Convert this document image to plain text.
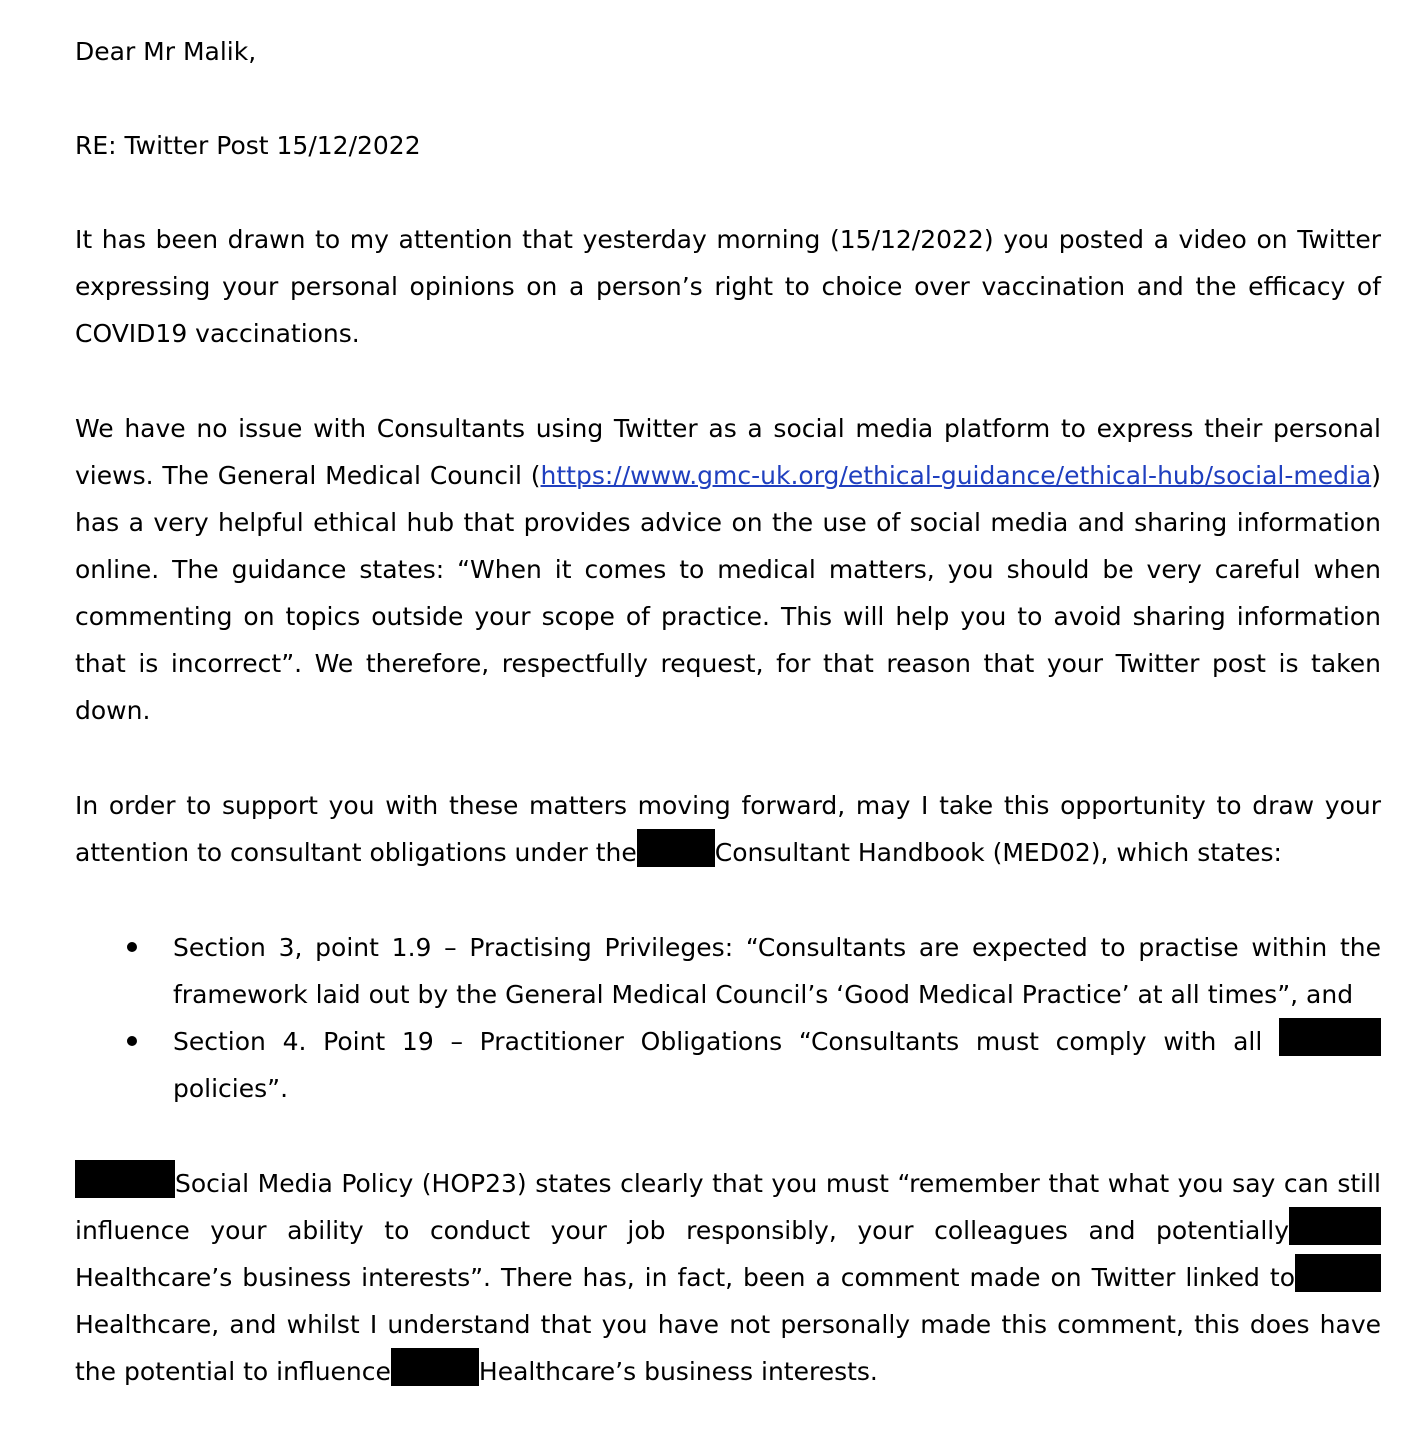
Dear Mr Malik,

RE: Twitter Post 15/12/2022

It has been drawn to my attention that yesterday morning (15/12/2022) you posted a video on Twitter expressing your personal opinions on a person’s right to choice over vaccination and the efficacy of COVID19 vaccinations.

We have no issue with Consultants using Twitter as a social media platform to express their personal views. The General Medical Council (https://www.gmc-uk.org/ethical-guidance/ethical-hub/social-media) has a very helpful ethical hub that provides advice on the use of social media and sharing information online. The guidance states: “When it comes to medical matters, you should be very careful when commenting on topics outside your scope of practice. This will help you to avoid sharing information that is incorrect”. We therefore, respectfully request, for that reason that your Twitter post is taken down.

In order to support you with these matters moving forward, may I take this opportunity to draw your attention to consultant obligations under the	Consultant Handbook (MED02), which states:

Section 3, point 1.9 – Practising Privileges: “Consultants are expected to practise within the framework laid out by the General Medical Council’s ‘Good Medical Practice’ at all times”, and
Section 4. Point 19 – Practitioner Obligations “Consultants must comply with all  policies”.

Social Media Policy (HOP23) states clearly that you must “remember that what you say can still influence your ability to conduct your job responsibly, your colleagues and potentially Healthcare’s business interests”. There has, in fact, been a comment made on Twitter linked to Healthcare, and whilst I understand that you have not personally made this comment, this does have the potential to influence	Healthcare’s business interests.
